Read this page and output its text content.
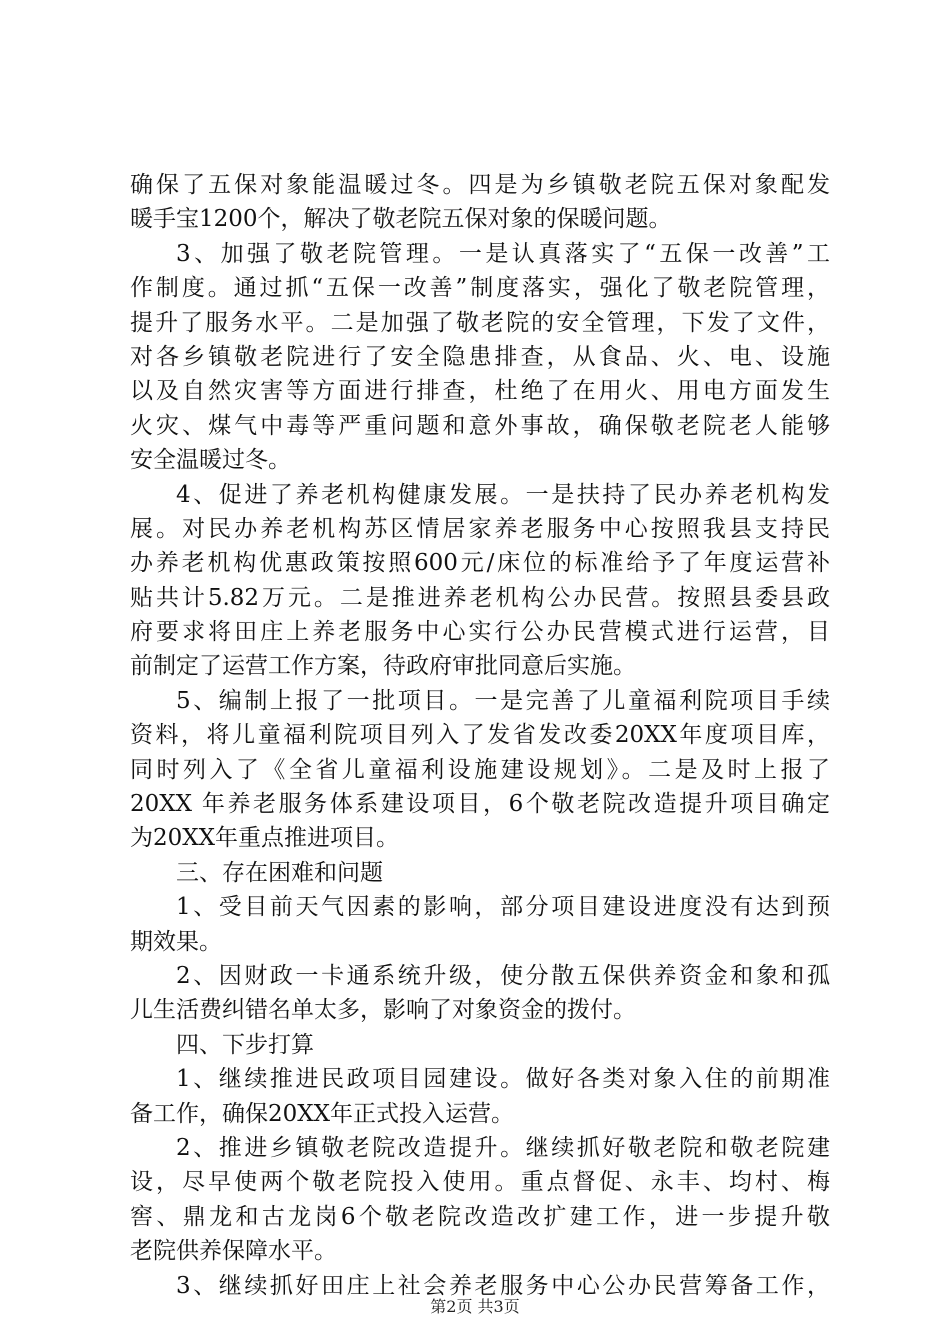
确保了五保对象能温暖过冬。四是为乡镇敬老院五保对象配发
暖手宝1200个，解决了敬老院五保对象的保暖问题。
3、加强了敬老院管理。一是认真落实了“五保一改善”工
作制度。通过抓“五保一改善”制度落实，强化了敬老院管理，
提升了服务水平。二是加强了敬老院的安全管理，下发了文件，
对各乡镇敬老院进行了安全隐患排查，从食品、火、电、设施
以及自然灾害等方面进行排查，杜绝了在用火、用电方面发生
火灾、煤气中毒等严重问题和意外事故，确保敬老院老人能够
安全温暖过冬。
4、促进了养老机构健康发展。一是扶持了民办养老机构发
展。对民办养老机构苏区情居家养老服务中心按照我县支持民
办养老机构优惠政策按照600元/床位的标准给予了年度运营补
贴共计5.82万元。二是推进养老机构公办民营。按照县委县政
府要求将田庄上养老服务中心实行公办民营模式进行运营，目
前制定了运营工作方案，待政府审批同意后实施。
5、编制上报了一批项目。一是完善了儿童福利院项目手续
资料，将儿童福利院项目列入了发省发改委20XX年度项目库，
同时列入了《全省儿童福利设施建设规划》。二是及时上报了
20XX 年养老服务体系建设项目，6个敬老院改造提升项目确定
为20XX年重点推进项目。
三、存在困难和问题
1、受目前天气因素的影响，部分项目建设进度没有达到预
期效果。
2、因财政一卡通系统升级，使分散五保供养资金和象和孤
儿生活费纠错名单太多，影响了对象资金的拨付。
四、下步打算
1、继续推进民政项目园建设。做好各类对象入住的前期准
备工作，确保20XX年正式投入运营。
2、推进乡镇敬老院改造提升。继续抓好敬老院和敬老院建
设，尽早使两个敬老院投入使用。重点督促、永丰、均村、梅
窖、鼎龙和古龙岗6个敬老院改造改扩建工作，进一步提升敬
老院供养保障水平。
3、继续抓好田庄上社会养老服务中心公办民营筹备工作，
第2页 共3页
